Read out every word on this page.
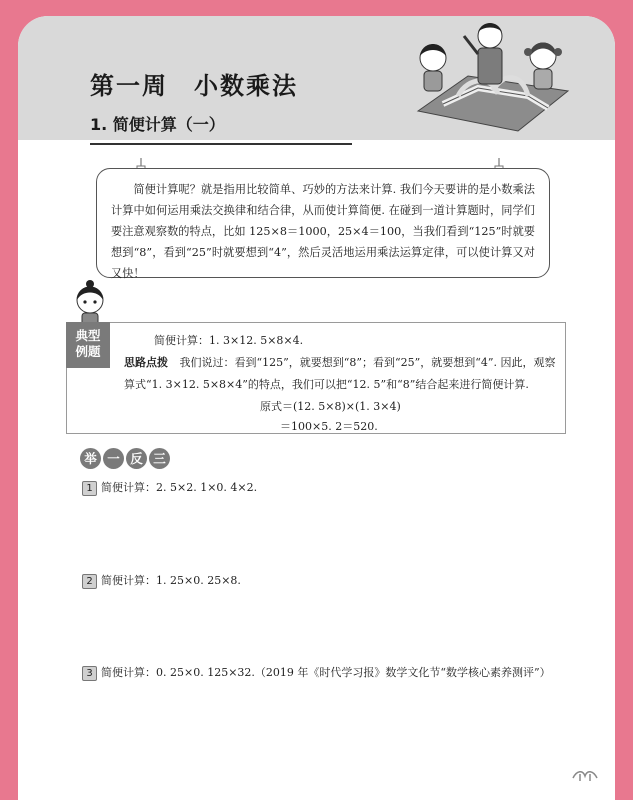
第一周　小数乘法
1. 简便计算（一）
简便计算呢？就是指用比较简单、巧妙的方法来计算. 我们今天要讲的是小数乘法计算中如何运用乘法交换律和结合律，从而使计算简便. 在碰到一道计算题时，同学们要注意观察数的特点，比如 125×8＝1000，25×4＝100，当我们看到“125”时就要想到“8”，看到“25”时就要想到“4”，然后灵活地运用乘法运算定律，可以使计算又对又快！
典型
例题
简便计算：1. 3×12. 5×8×4.
思路点拨 我们说过：看到“125”，就要想到“8”；看到“25”，就要想到“4”. 因此，观察
算式“1. 3×12. 5×8×4”的特点，我们可以把“12. 5”和“8”结合起来进行简便计算.
原式＝(12. 5×8)×(1. 3×4)
＝100×5. 2＝520.
举 一 反 三
1 简便计算：2. 5×2. 1×0. 4×2.
2 简便计算：1. 25×0. 25×8.
3 简便计算：0. 25×0. 125×32.（2019 年《时代学习报》数学文化节“数学核心素养测评”）
